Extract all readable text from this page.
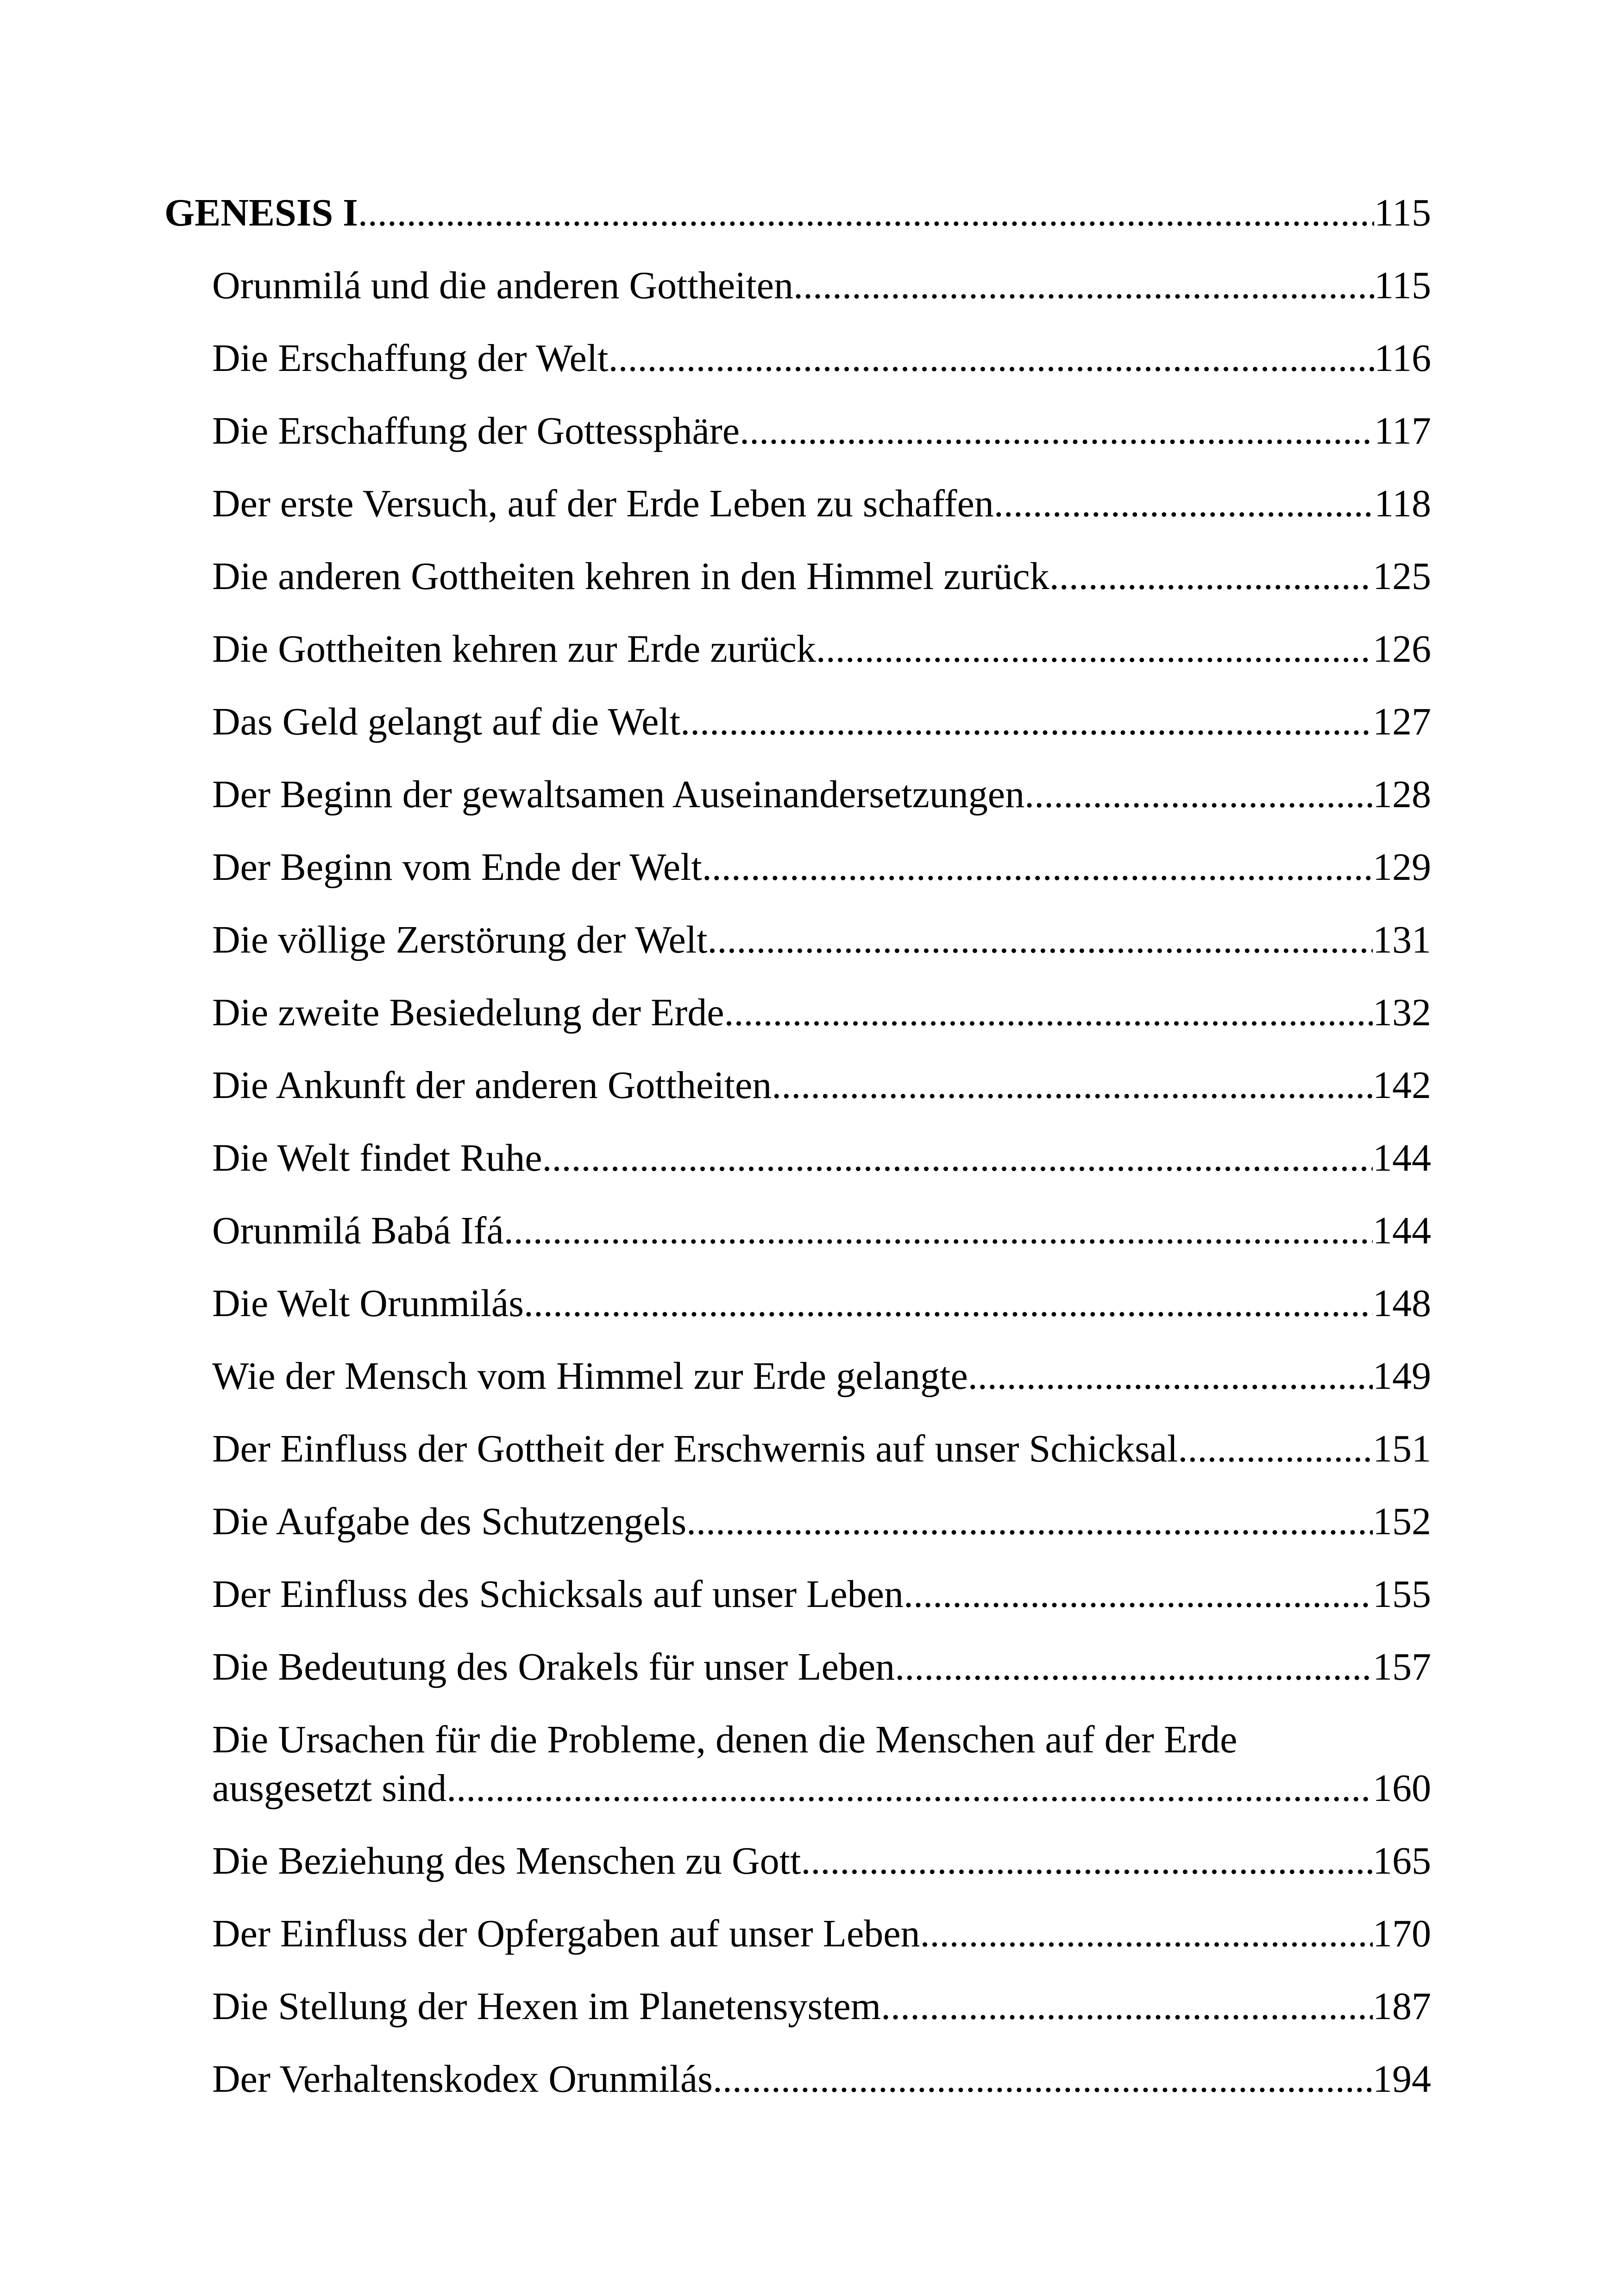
GENESIS I .....	115
Orunmilá und die anderen Gottheiten .....	115
Die Erschaffung der Welt .....	116
Die Erschaffung der Gottessphäre .....	117
Der erste Versuch, auf der Erde Leben zu schaffen .....	118
Die anderen Gottheiten kehren in den Himmel zurück .....	125
Die Gottheiten kehren zur Erde zurück .....	126
Das Geld gelangt auf die Welt .....	127
Der Beginn der gewaltsamen Auseinandersetzungen .....	128
Der Beginn vom Ende der Welt .....	129
Die völlige Zerstörung der Welt .....	131
Die zweite Besiedelung der Erde .....	132
Die Ankunft der anderen Gottheiten .....	142
Die Welt findet Ruhe .....	144
Orunmilá Babá Ifá .....	144
Die Welt Orunmilás .....	148
Wie der Mensch vom Himmel zur Erde gelangte .....	149
Der Einfluss der Gottheit der Erschwernis auf unser Schicksal .....	151
Die Aufgabe des Schutzengels .....	152
Der Einfluss des Schicksals auf unser Leben .....	155
Die Bedeutung des Orakels für unser Leben .....	157
Die Ursachen für die Probleme, denen die Menschen auf der Erde
ausgesetzt sind .....	160
Die Beziehung des Menschen zu Gott .....	165
Der Einfluss der Opfergaben auf unser Leben .....	170
Die Stellung der Hexen im Planetensystem .....	187
Der Verhaltenskodex Orunmilás .....	194
